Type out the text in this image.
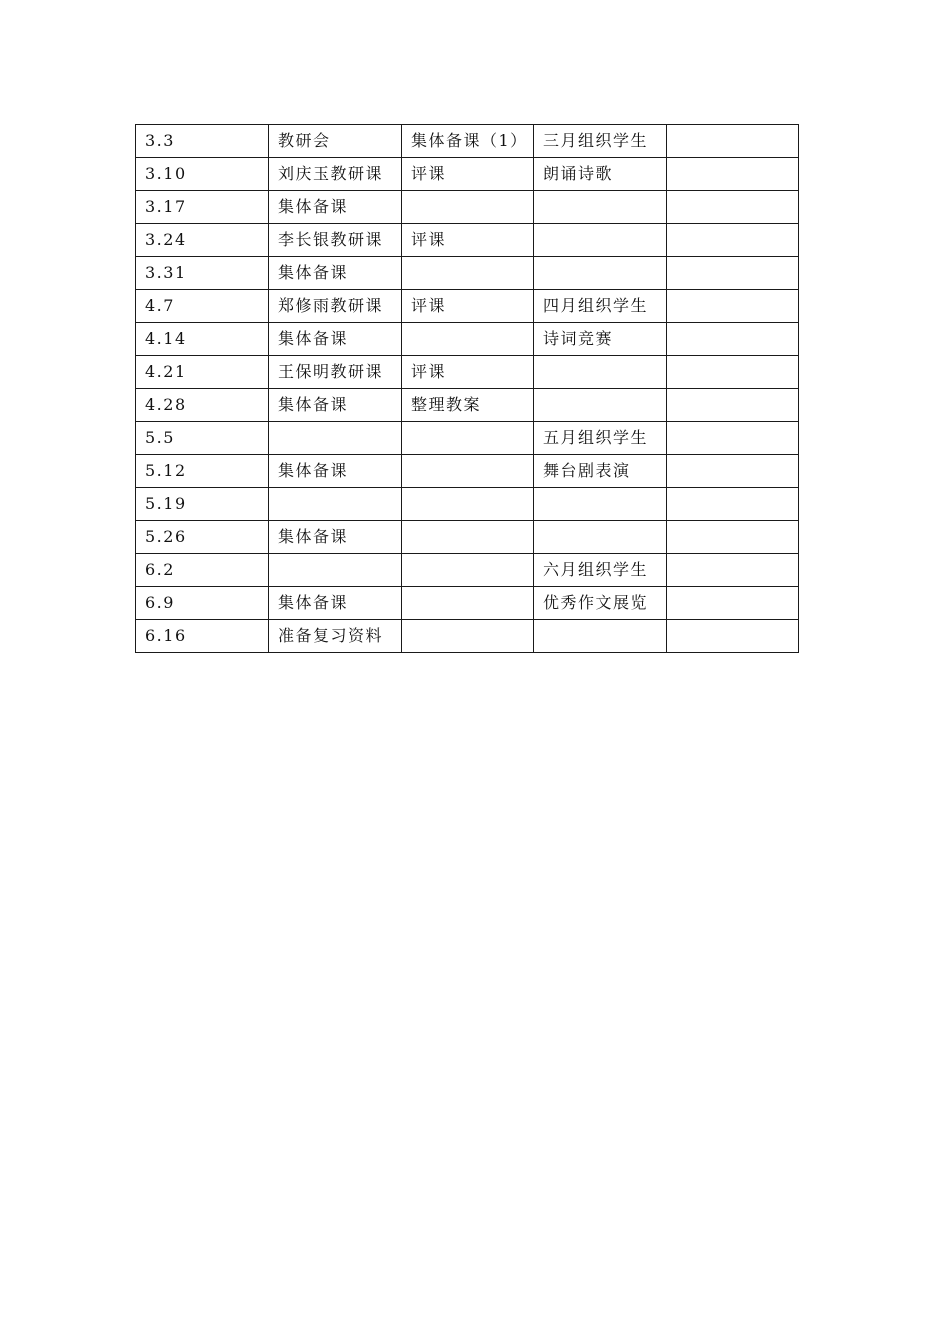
3.3	教研会	集体备课（1）	三月组织学生	
3.10	刘庆玉教研课	评课	朗诵诗歌	
3.17	集体备课			
3.24	李长银教研课	评课		
3.31	集体备课			
4.7	郑修雨教研课	评课	四月组织学生	
4.14	集体备课		诗词竞赛	
4.21	王保明教研课	评课		
4.28	集体备课	整理教案		
5.5			五月组织学生	
5.12	集体备课		舞台剧表演	
5.19				
5.26	集体备课			
6.2			六月组织学生	
6.9	集体备课		优秀作文展览	
6.16	准备复习资料			
